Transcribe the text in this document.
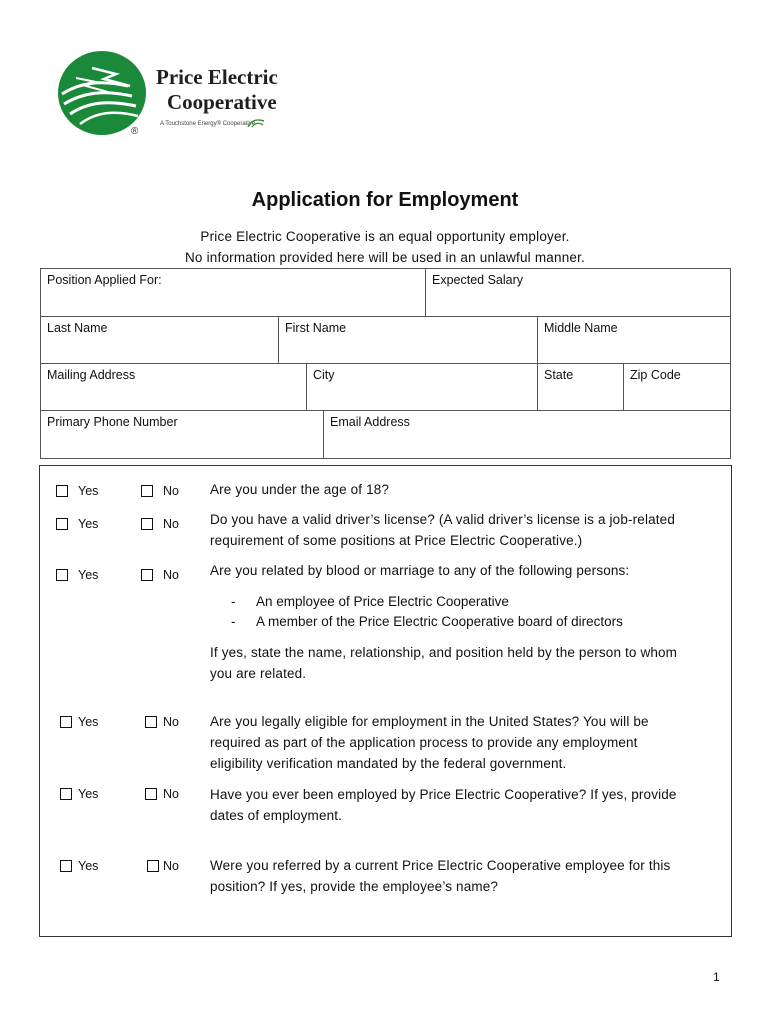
®
Price Electric
Cooperative
A Touchstone Energy® Cooperative
Application for Employment
Price Electric Cooperative is an equal opportunity employer.
No information provided here will be used in an unlawful manner.
Position Applied For:	Expected Salary
Last Name	First Name	Middle Name
Mailing Address	City	State	Zip Code
Primary Phone Number	Email Address
Yes	No Are you under the age of 18?
Yes	No Do you have a valid driver’s license? (A valid driver’s license is a job-related requirement of some positions at Price Electric Cooperative.)
Yes	No Are you related by blood or marriage to any of the following persons:
- An employee of Price Electric Cooperative
- A member of the Price Electric Cooperative board of directors
If yes, state the name, relationship, and position held by the person to whom you are related.
Yes	No Are you legally eligible for employment in the United States? You will be required as part of the application process to provide any employment eligibility verification mandated by the federal government.
Yes	No Have you ever been employed by Price Electric Cooperative? If yes, provide dates of employment.
Yes	No Were you referred by a current Price Electric Cooperative employee for this position? If yes, provide the employee’s name?
1
